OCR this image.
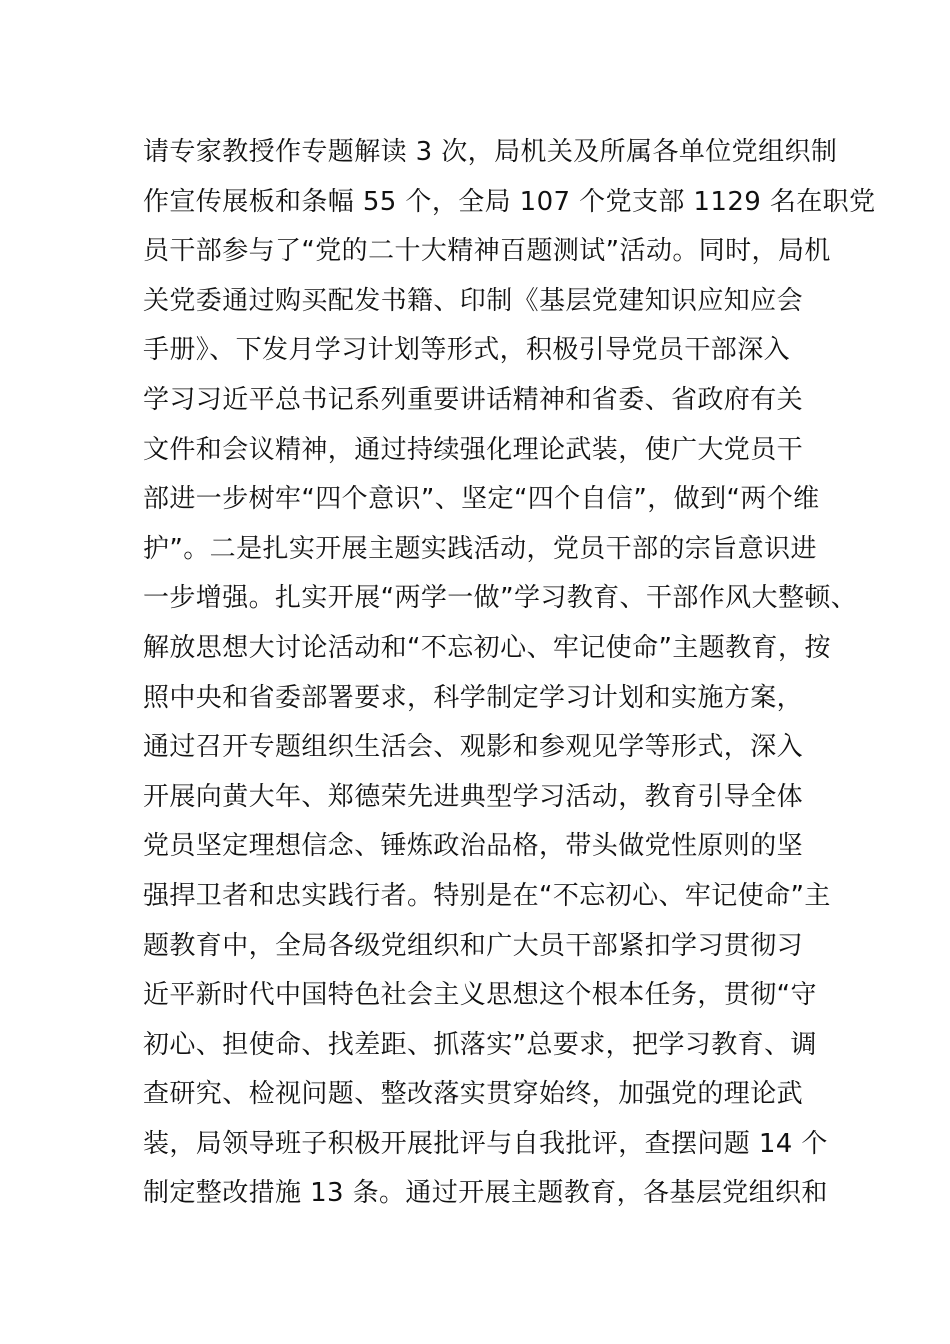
请专家教授作专题解读 3 次，局机关及所属各单位党组织制
作宣传展板和条幅 55 个，全局 107 个党支部 1129 名在职党
员干部参与了“党的二十大精神百题测试”活动。同时，局机
关党委通过购买配发书籍、印制《基层党建知识应知应会
手册》、下发月学习计划等形式，积极引导党员干部深入
学习习近平总书记系列重要讲话精神和省委、省政府有关
文件和会议精神，通过持续强化理论武装，使广大党员干
部进一步树牢“四个意识”、坚定“四个自信”，做到“两个维
护”。二是扎实开展主题实践活动，党员干部的宗旨意识进
一步增强。扎实开展“两学一做”学习教育、干部作风大整顿、
解放思想大讨论活动和“不忘初心、牢记使命”主题教育，按
照中央和省委部署要求，科学制定学习计划和实施方案，
通过召开专题组织生活会、观影和参观见学等形式，深入
开展向黄大年、郑德荣先进典型学习活动，教育引导全体
党员坚定理想信念、锤炼政治品格，带头做党性原则的坚
强捍卫者和忠实践行者。特别是在“不忘初心、牢记使命”主
题教育中，全局各级党组织和广大员干部紧扣学习贯彻习
近平新时代中国特色社会主义思想这个根本任务，贯彻“守
初心、担使命、找差距、抓落实”总要求，把学习教育、调
查研究、检视问题、整改落实贯穿始终，加强党的理论武
装，局领导班子积极开展批评与自我批评，查摆问题 14 个
制定整改措施 13 条。通过开展主题教育，各基层党组织和
